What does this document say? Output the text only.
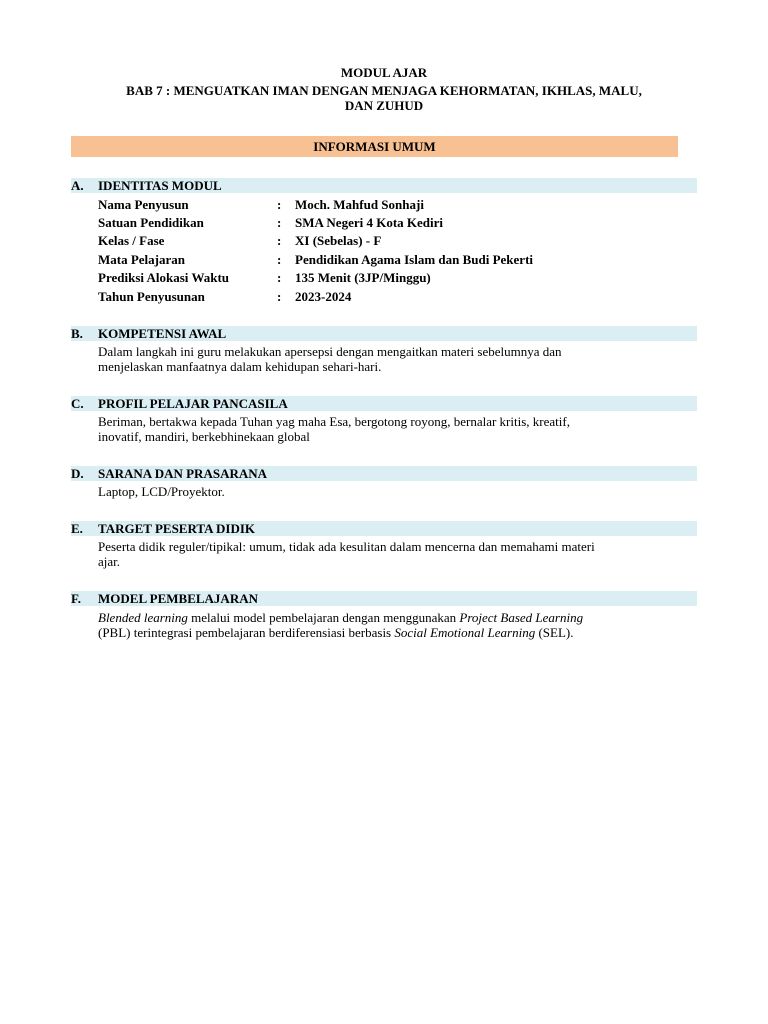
MODUL AJAR
BAB 7 : MENGUATKAN IMAN DENGAN MENJAGA KEHORMATAN, IKHLAS, MALU,
DAN ZUHUD
INFORMASI UMUM
A. IDENTITAS MODUL
Nama Penyusun	: Moch. Mahfud Sonhaji
Satuan Pendidikan	: SMA Negeri 4 Kota Kediri
Kelas / Fase	: XI (Sebelas) - F
Mata Pelajaran	: Pendidikan Agama Islam dan Budi Pekerti
Prediksi Alokasi Waktu	: 135 Menit (3JP/Minggu)
Tahun Penyusunan	: 2023-2024
B. KOMPETENSI AWAL
Dalam langkah ini guru melakukan apersepsi dengan mengaitkan materi sebelumnya dan
menjelaskan manfaatnya dalam kehidupan sehari-hari.
C. PROFIL PELAJAR PANCASILA
Beriman, bertakwa kepada Tuhan yag maha Esa, bergotong royong, bernalar kritis, kreatif,
inovatif, mandiri, berkebhinekaan global
D. SARANA DAN PRASARANA
Laptop, LCD/Proyektor.
E. TARGET PESERTA DIDIK
Peserta didik reguler/tipikal: umum, tidak ada kesulitan dalam mencerna dan memahami materi
ajar.
F. MODEL PEMBELAJARAN
Blended learning melalui model pembelajaran dengan menggunakan Project Based Learning
(PBL) terintegrasi pembelajaran berdiferensiasi berbasis Social Emotional Learning (SEL).
